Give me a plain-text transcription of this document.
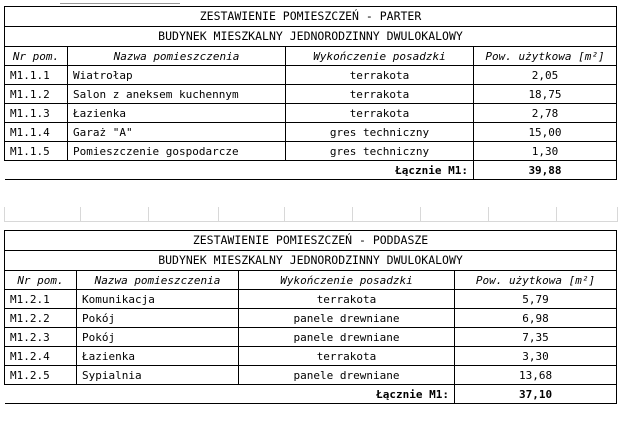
ZESTAWIENIE POMIESZCZEŃ - PARTER			
BUDYNEK MIESZKALNY JEDNORODZINNY DWULOKALOWY			
Nr pom.	Nazwa pomieszczenia	Wykończenie posadzki	Pow. użytkowa [m²]
M1.1.1	Wiatrołap	terrakota	2,05
M1.1.2	Salon z aneksem kuchennym	terrakota	18,75
M1.1.3	Łazienka	terrakota	2,78
M1.1.4	Garaż "A"	gres techniczny	15,00
M1.1.5	Pomieszczenie gospodarcze	gres techniczny	1,30
		Łącznie M1:	39,88
ZESTAWIENIE POMIESZCZEŃ - PODDASZE			
BUDYNEK MIESZKALNY JEDNORODZINNY DWULOKALOWY			
Nr pom.	Nazwa pomieszczenia	Wykończenie posadzki	Pow. użytkowa [m²]
M1.2.1	Komunikacja	terrakota	5,79
M1.2.2	Pokój	panele drewniane	6,98
M1.2.3	Pokój	panele drewniane	7,35
M1.2.4	Łazienka	terrakota	3,30
M1.2.5	Sypialnia	panele drewniane	13,68
		Łącznie M1:	37,10
